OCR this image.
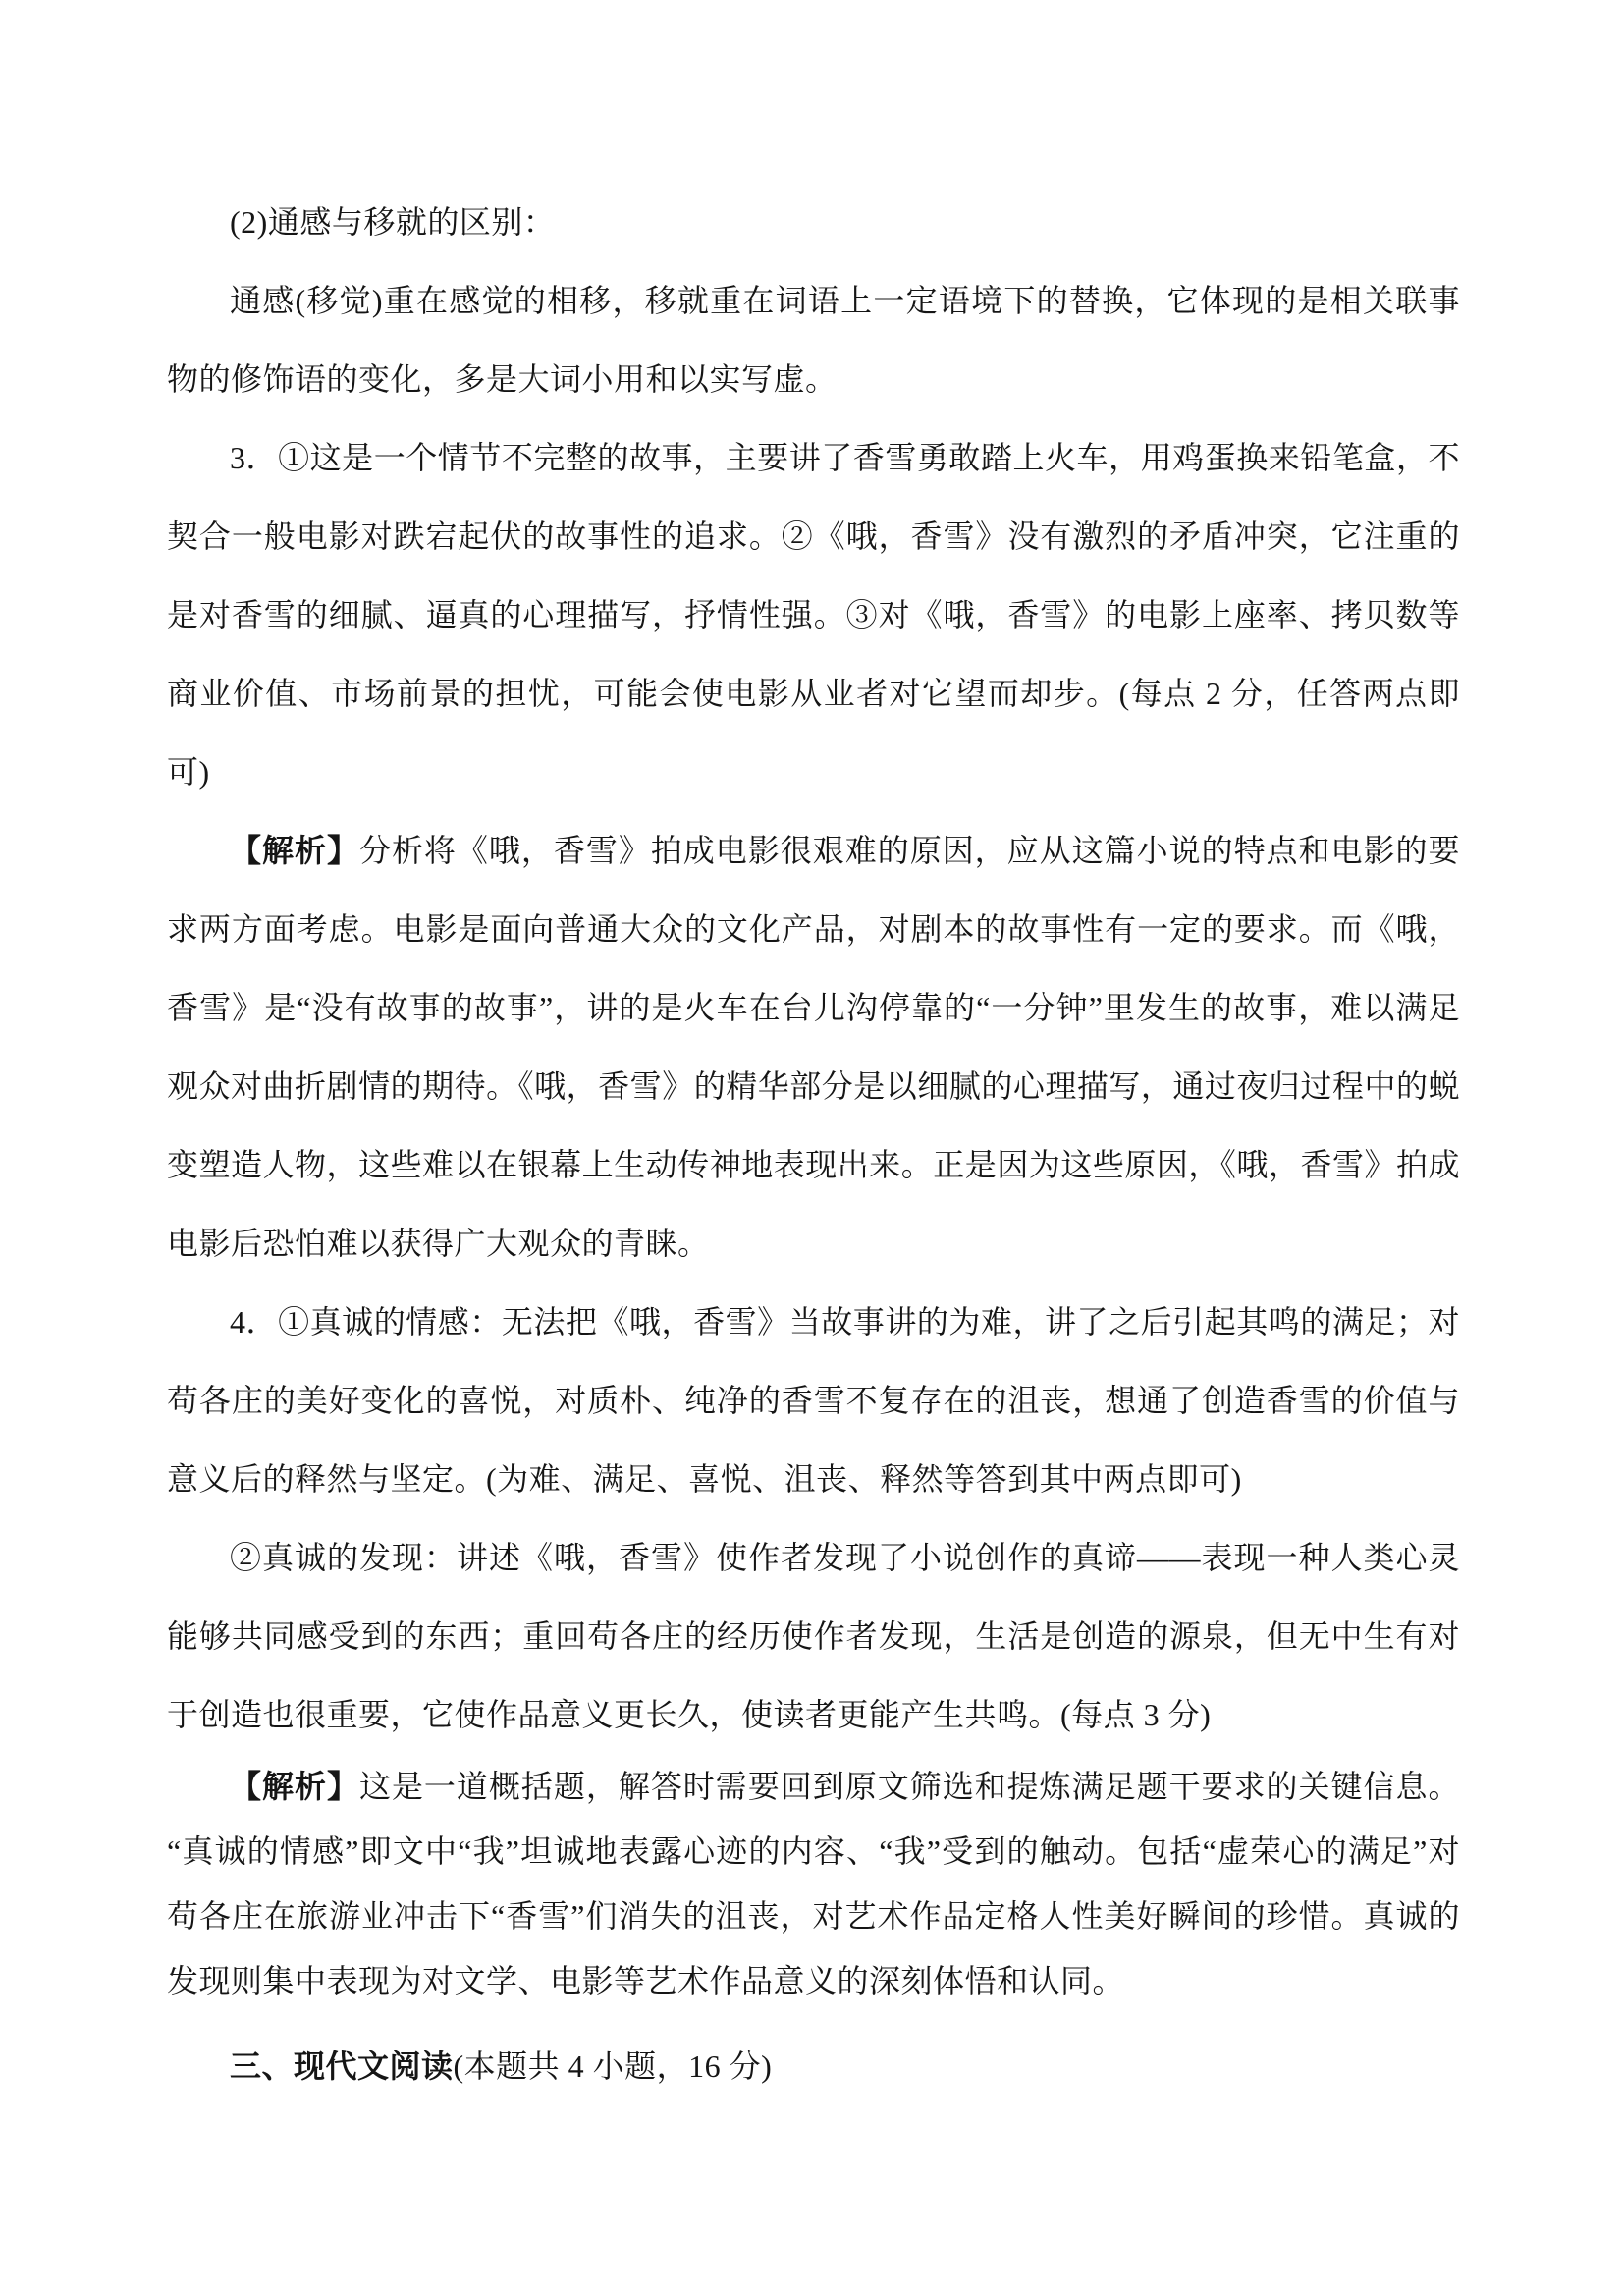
(2)通感与移就的区别：

通感(移觉)重在感觉的相移，移就重在词语上一定语境下的替换，它体现的是相关联事物的修饰语的变化，多是大词小用和以实写虚。

3．①这是一个情节不完整的故事，主要讲了香雪勇敢踏上火车，用鸡蛋换来铅笔盒，不契合一般电影对跌宕起伏的故事性的追求。②《哦，香雪》没有激烈的矛盾冲突，它注重的是对香雪的细腻、逼真的心理描写，抒情性强。③对《哦，香雪》的电影上座率、拷贝数等商业价值、市场前景的担忧，可能会使电影从业者对它望而却步。(每点 2 分，任答两点即可)

【解析】分析将《哦，香雪》拍成电影很艰难的原因，应从这篇小说的特点和电影的要求两方面考虑。电影是面向普通大众的文化产品，对剧本的故事性有一定的要求。而《哦，香雪》是“没有故事的故事”，讲的是火车在台儿沟停靠的“一分钟”里发生的故事，难以满足观众对曲折剧情的期待。《哦，香雪》的精华部分是以细腻的心理描写，通过夜归过程中的蜕变塑造人物，这些难以在银幕上生动传神地表现出来。正是因为这些原因，《哦，香雪》拍成电影后恐怕难以获得广大观众的青睐。

4．①真诚的情感：无法把《哦，香雪》当故事讲的为难，讲了之后引起其鸣的满足；对苟各庄的美好变化的喜悦，对质朴、纯净的香雪不复存在的沮丧，想通了创造香雪的价值与意义后的释然与坚定。(为难、满足、喜悦、沮丧、释然等答到其中两点即可)

②真诚的发现：讲述《哦，香雪》使作者发现了小说创作的真谛——表现一种人类心灵能够共同感受到的东西；重回苟各庄的经历使作者发现，生活是创造的源泉，但无中生有对于创造也很重要，它使作品意义更长久，使读者更能产生共鸣。(每点 3 分)

【解析】这是一道概括题，解答时需要回到原文筛选和提炼满足题干要求的关键信息。“真诚的情感”即文中“我”坦诚地表露心迹的内容、“我”受到的触动。包括“虚荣心的满足”对苟各庄在旅游业冲击下“香雪”们消失的沮丧，对艺术作品定格人性美好瞬间的珍惜。真诚的发现则集中表现为对文学、电影等艺术作品意义的深刻体悟和认同。

三、现代文阅读(本题共 4 小题，16 分)
